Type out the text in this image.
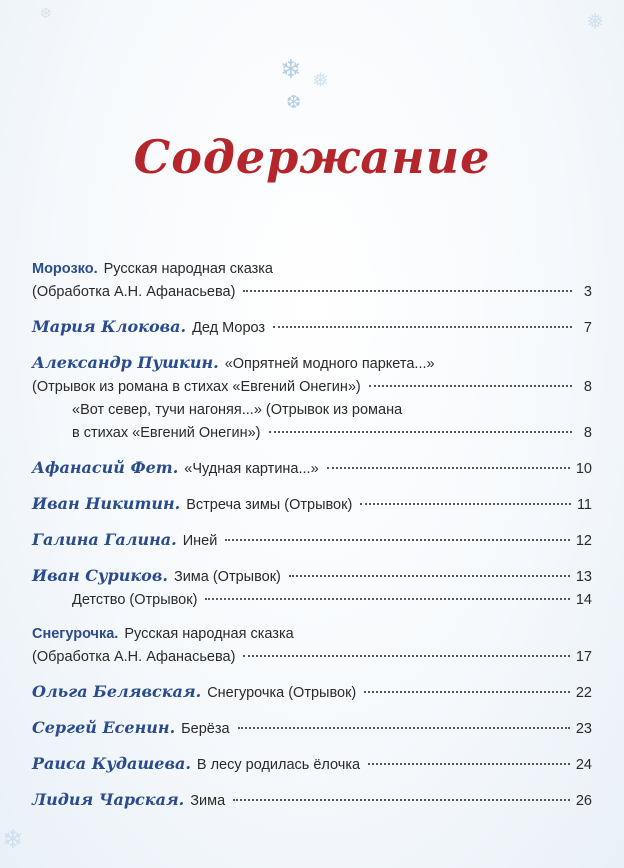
❄ ❅
❆
❄
❅
❆
Содержание
Морозко. Русская народная сказка
(Обработка А.Н. Афанасьева)	3
Мария Клокова. Дед Мороз	7
Александр Пушкин. «Опрятней модного паркета...»
(Отрывок из романа в стихах «Евгений Онегин»)	8
«Вот север, тучи нагоняя...» (Отрывок из романа
в стихах «Евгений Онегин»)	8
Афанасий Фет. «Чудная картина...»	10
Иван Никитин. Встреча зимы (Отрывок)	11
Галина Галина. Иней	12
Иван Суриков. Зима (Отрывок)	13
Детство (Отрывок)	14
Снегурочка. Русская народная сказка
(Обработка А.Н. Афанасьева)	17
Ольга Белявская. Снегурочка (Отрывок)	22
Сергей Есенин. Берёза	23
Раиса Кудашева. В лесу родилась ёлочка	24
Лидия Чарская. Зима	26
